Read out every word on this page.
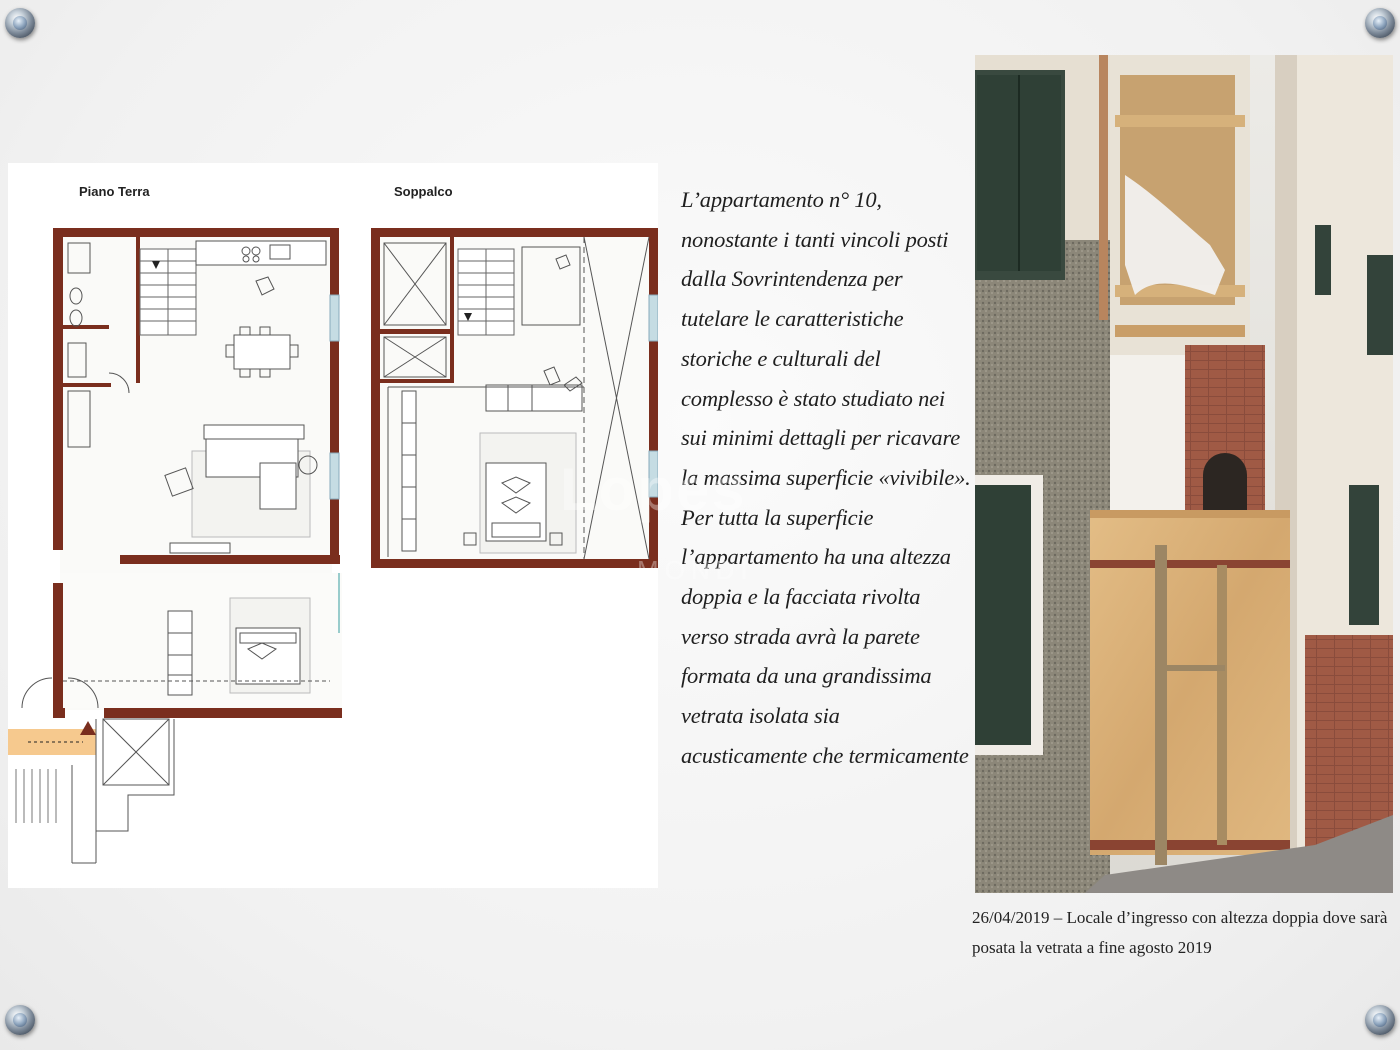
Piano Terra	Soppalco	L’appartamento n° 10, nonostante i tanti vincoli posti dalla Sovrintendenza per tutelare le caratteristiche storiche e culturali del complesso è stato studiato nei sui minimi dettagli per ricavare la massima superficie «vivibile».

Per tutta la superficie l’appartamento ha una altezza doppia e la facciata rivolta verso strada avrà la parete formata da una grandissima vetrata isolata sia acusticamente che termicamente

26/04/2019 – Locale d’ingresso con altezza doppia dove sarà posata la vetrata a fine agosto 2019
Lopes
MONDI
